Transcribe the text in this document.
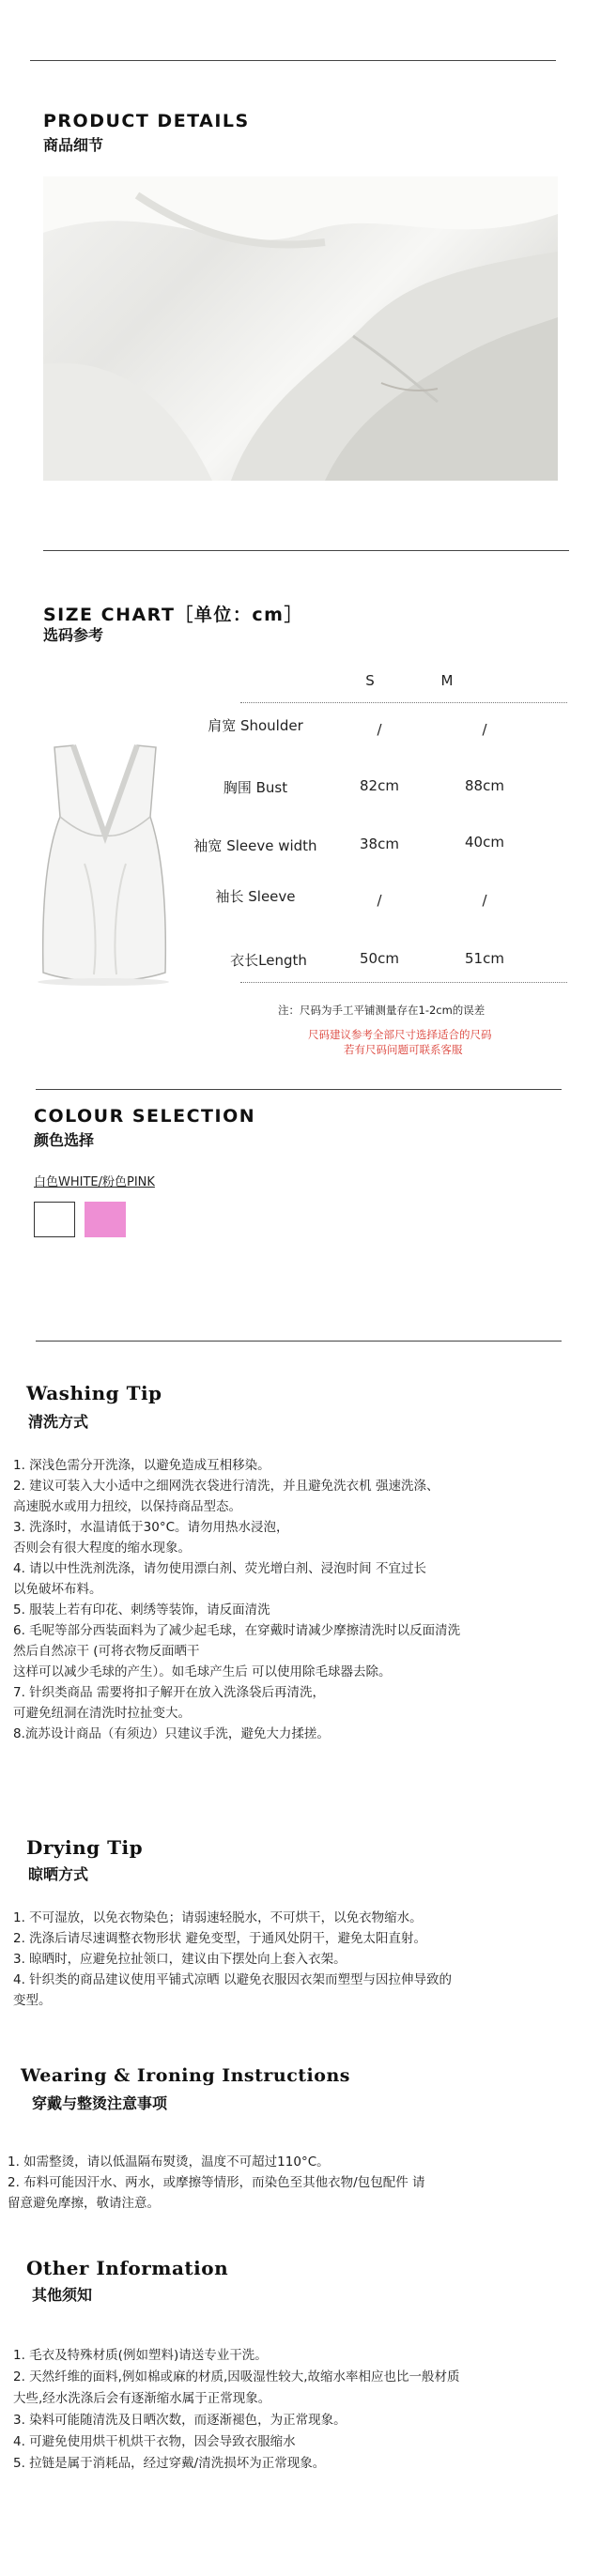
PRODUCT DETAILS
商品细节
SIZE CHART［单位：cm］
选码参考
S	M
肩宽 Shoulder	/	/
胸围 Bust	82cm	88cm
袖宽 Sleeve width	38cm	40cm
袖长 Sleeve	/	/
衣长Length	50cm	51cm
注：尺码为手工平铺测量存在1-2cm的误差
尺码建议参考全部尺寸选择适合的尺码
若有尺码问题可联系客服
COLOUR SELECTION
颜色选择
白色WHITE/粉色PINK
Washing Tip
清洗方式
1. 深浅色需分开洗涤，以避免造成互相移染。
2. 建议可装入大小适中之细网洗衣袋进行清洗，并且避免洗衣机 强速洗涤、
高速脱水或用力扭绞，以保持商品型态。
3. 洗涤时，水温请低于30°C。请勿用热水浸泡，
否则会有很大程度的缩水现象。
4. 请以中性洗剂洗涤，请勿使用漂白剂、荧光增白剂、浸泡时间 不宜过长
以免破坏布料。
5. 服装上若有印花、刺绣等装饰，请反面清洗
6. 毛呢等部分西装面料为了减少起毛球，在穿戴时请减少摩擦清洗时以反面清洗
然后自然凉干 (可将衣物反面晒干
这样可以减少毛球的产生）。如毛球产生后 可以使用除毛球器去除。
7. 针织类商品 需要将扣子解开在放入洗涤袋后再清洗，
可避免纽洞在清洗时拉扯变大。
8.流苏设计商品（有须边）只建议手洗，避免大力揉搓。
Drying Tip
晾晒方式
1. 不可湿放，以免衣物染色；请弱速轻脱水，不可烘干，以免衣物缩水。
2. 洗涤后请尽速调整衣物形状 避免变型，于通风处阴干，避免太阳直射。
3. 晾晒时，应避免拉扯领口，建议由下摆处向上套入衣架。
4. 针织类的商品建议使用平铺式凉晒 以避免衣服因衣架而塑型与因拉伸导致的
变型。
Wearing & Ironing Instructions
穿戴与整烫注意事项
1. 如需整烫，请以低温隔布熨烫，温度不可超过110°C。
2. 布料可能因汗水、两水，或摩擦等情形，而染色至其他衣物/包包配件 请
留意避免摩擦，敬请注意。
Other Information
其他须知
1. 毛衣及特殊材质(例如塑料)请送专业干洗。
2. 天然纤维的面料,例如棉或麻的材质,因吸湿性较大,故缩水率相应也比一般材质
大些,经水洗涤后会有逐渐缩水属于正常现象。
3. 染料可能随清洗及日晒次数，而逐渐褪色，为正常现象。
4. 可避免使用烘干机烘干衣物，因会导致衣服缩水
5. 拉链是属于消耗品，经过穿戴/清洗损坏为正常现象。
